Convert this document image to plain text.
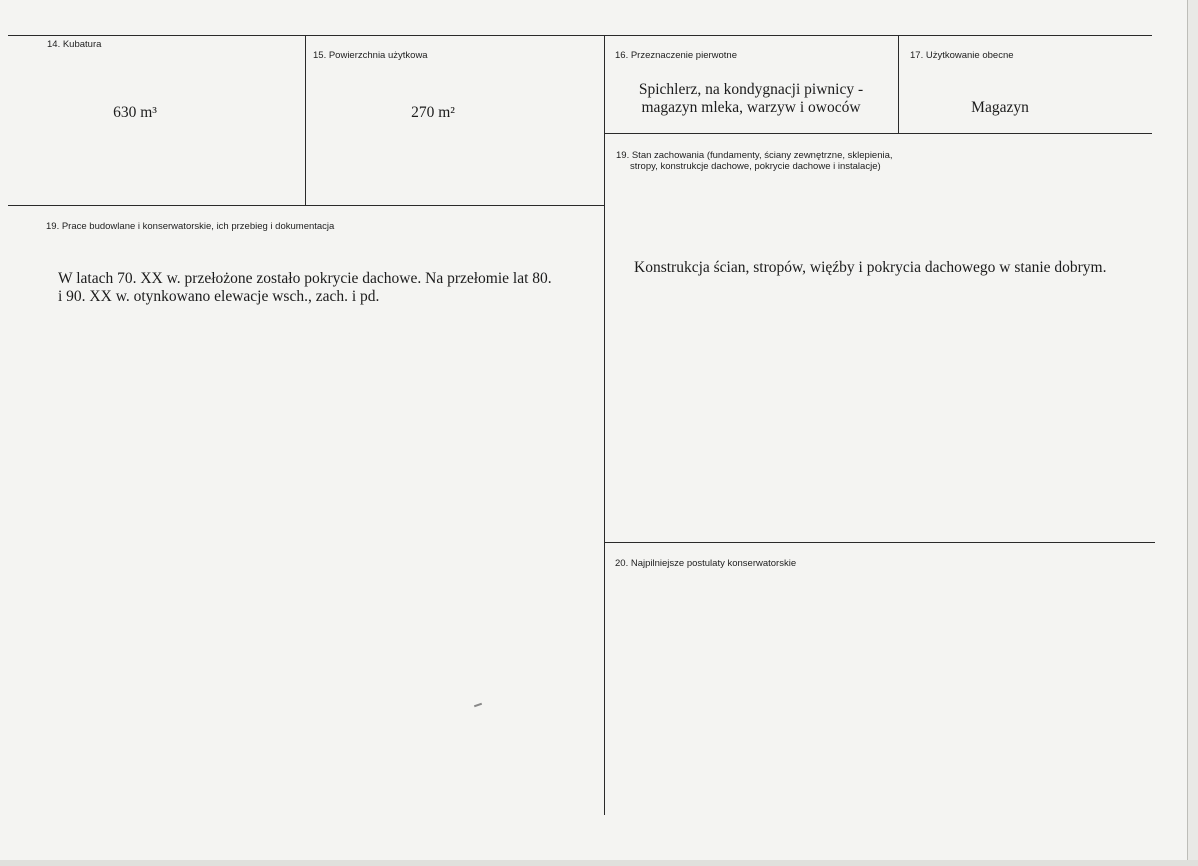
14. Kubatura
630 m³
15. Powierzchnia użytkowa
270 m²
16. Przeznaczenie pierwotne
Spichlerz, na kondygnacji piwnicy -
magazyn mleka, warzyw i owoców
17. Użytkowanie obecne
Magazyn
19. Stan zachowania (fundamenty, ściany zewnętrzne, sklepienia,
stropy, konstrukcje dachowe, pokrycie dachowe i instalacje)
Konstrukcja ścian, stropów, więźby i pokrycia dachowego w stanie dobrym.
19. Prace budowlane i konserwatorskie, ich przebieg i dokumentacja
W latach 70. XX w. przełożone zostało pokrycie dachowe. Na przełomie lat 80.
i 90. XX w. otynkowano elewacje wsch., zach. i pd.
20. Najpilniejsze postulaty konserwatorskie
